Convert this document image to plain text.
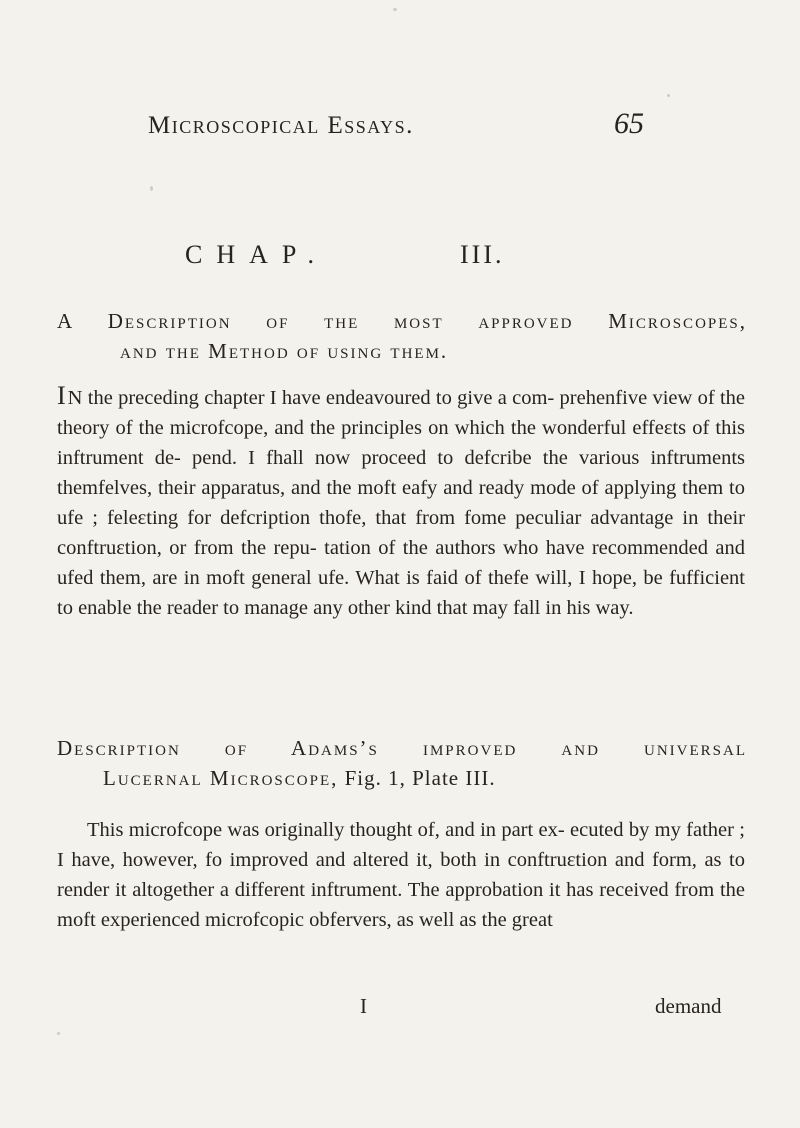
Microscopical Essays.	65
CHAP.	III.
A Description of the most approved Microscopes,
and the Method of using them.
IN the preceding chapter I have endeavoured to give a com- prehenfive view of the theory of the microfcope, and the principles on which the wonderful effeɛts of this inftrument de- pend. I fhall now proceed to defcribe the various inftruments themfelves, their apparatus, and the moft eafy and ready mode of applying them to ufe ; feleɛting for defcription thofe, that from fome peculiar advantage in their conftruɛtion, or from the repu- tation of the authors who have recommended and ufed them, are in moft general ufe. What is faid of thefe will, I hope, be fufficient to enable the reader to manage any other kind that may fall in his way.
Description of Adams’s improved and universal
Lucernal Microscope, Fig. 1, Plate III.
This microfcope was originally thought of, and in part ex- ecuted by my father ; I have, however, fo improved and altered it, both in conftruɛtion and form, as to render it altogether a different inftrument. The approbation it has received from the moft experienced microfcopic obfervers, as well as the great
I	demand
